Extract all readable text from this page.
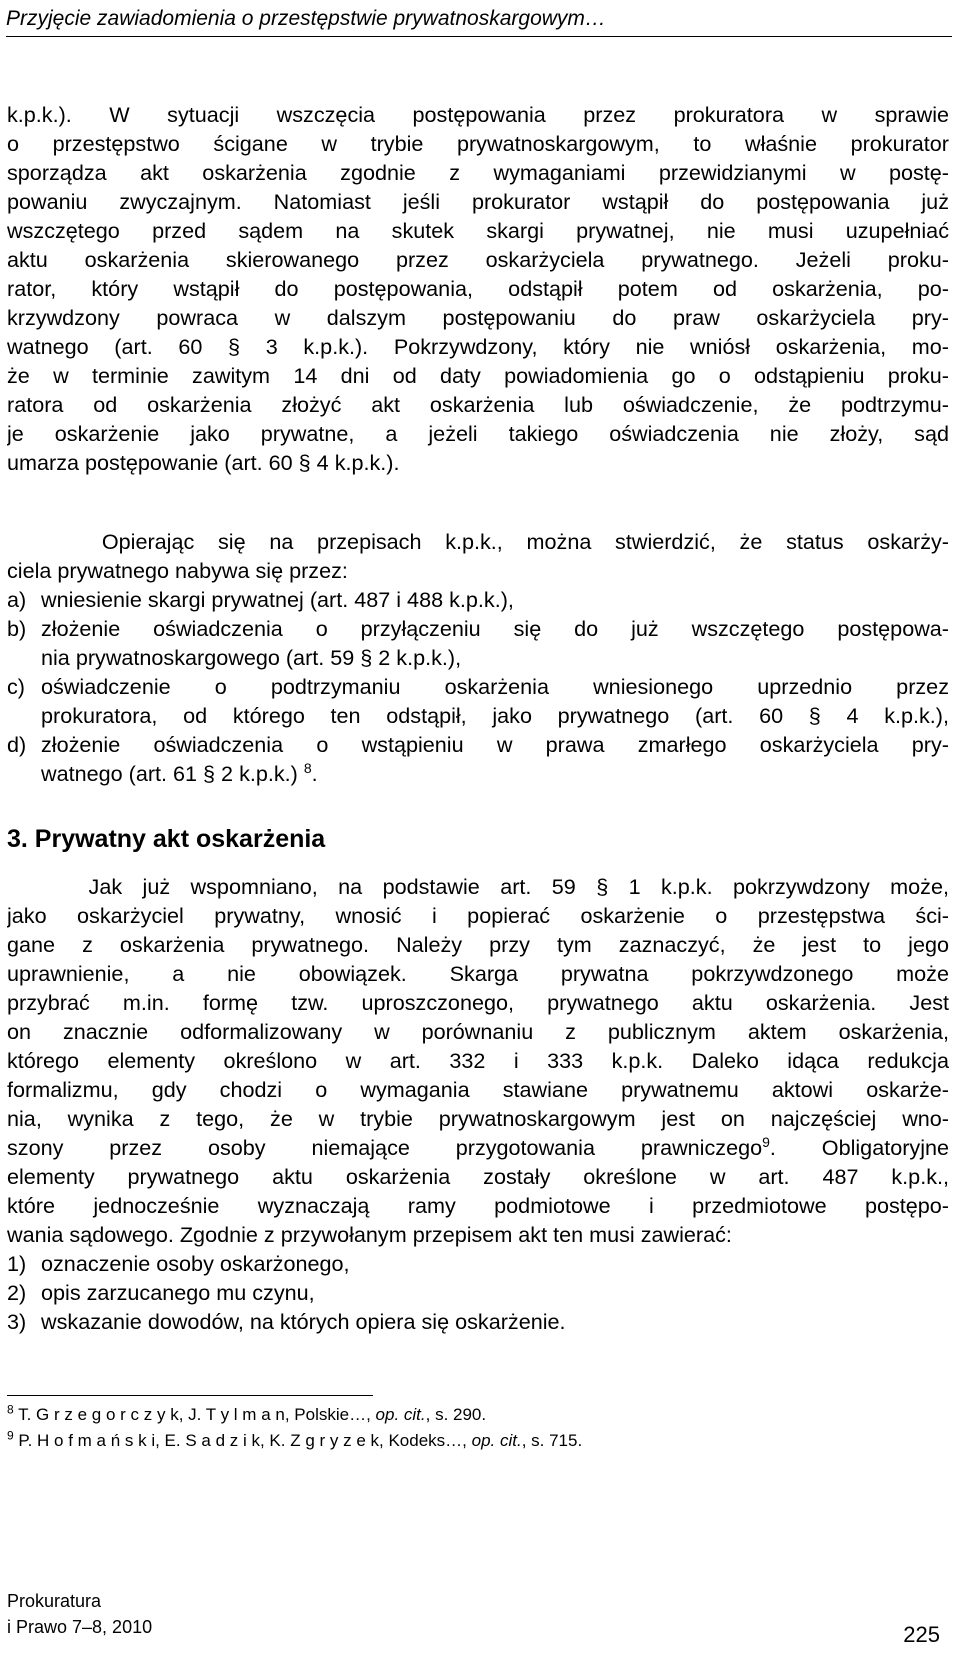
Przyjęcie zawiadomienia o przestępstwie prywatnoskargowym…
k.p.k.). W sytuacji wszczęcia postępowania przez prokuratora w sprawie
o przestępstwo ścigane w trybie prywatnoskargowym, to właśnie prokurator
sporządza akt oskarżenia zgodnie z wymaganiami przewidzianymi w postę-
powaniu zwyczajnym. Natomiast jeśli prokurator wstąpił do postępowania już
wszczętego przed sądem na skutek skargi prywatnej, nie musi uzupełniać
aktu oskarżenia skierowanego przez oskarżyciela prywatnego. Jeżeli proku-
rator, który wstąpił do postępowania, odstąpił potem od oskarżenia, po-
krzywdzony powraca w dalszym postępowaniu do praw oskarżyciela pry-
watnego (art. 60 § 3 k.p.k.). Pokrzywdzony, który nie wniósł oskarżenia, mo-
że w terminie zawitym 14 dni od daty powiadomienia go o odstąpieniu proku-
ratora od oskarżenia złożyć akt oskarżenia lub oświadczenie, że podtrzymu-
je oskarżenie jako prywatne, a jeżeli takiego oświadczenia nie złoży, sąd
umarza postępowanie (art. 60 § 4 k.p.k.).
Opierając się na przepisach k.p.k., można stwierdzić, że status oskarży-
ciela prywatnego nabywa się przez:
a) wniesienie skargi prywatnej (art. 487 i 488 k.p.k.),
b) złożenie oświadczenia o przyłączeniu się do już wszczętego postępowa-
nia prywatnoskargowego (art. 59 § 2 k.p.k.),
c) oświadczenie o podtrzymaniu oskarżenia wniesionego uprzednio przez
prokuratora, od którego ten odstąpił, jako prywatnego (art. 60 § 4 k.p.k.),
d) złożenie oświadczenia o wstąpieniu w prawa zmarłego oskarżyciela pry-
watnego (art. 61 § 2 k.p.k.) $^8$.
3. Prywatny akt oskarżenia
Jak już wspomniano, na podstawie art. 59 § 1 k.p.k. pokrzywdzony może,
jako oskarżyciel prywatny, wnosić i popierać oskarżenie o przestępstwa ści-
gane z oskarżenia prywatnego. Należy przy tym zaznaczyć, że jest to jego
uprawnienie, a nie obowiązek. Skarga prywatna pokrzywdzonego może
przybrać m.in. formę tzw. uproszczonego, prywatnego aktu oskarżenia. Jest
on znacznie odformalizowany w porównaniu z publicznym aktem oskarżenia,
którego elementy określono w art. 332 i 333 k.p.k. Daleko idąca redukcja
formalizmu, gdy chodzi o wymagania stawiane prywatnemu aktowi oskarże-
nia, wynika z tego, że w trybie prywatnoskargowym jest on najczęściej wno-
szony przez osoby niemające przygotowania prawniczego$^9$. Obligatoryjne
elementy prywatnego aktu oskarżenia zostały określone w art. 487 k.p.k.,
które jednocześnie wyznaczają ramy podmiotowe i przedmiotowe postępo-
wania sądowego. Zgodnie z przywołanym przepisem akt ten musi zawierać:
1) oznaczenie osoby oskarżonego,
2) opis zarzucanego mu czynu,
3) wskazanie dowodów, na których opiera się oskarżenie.
$^8$ T. G r z e g o r c z y k, J. T y l m a n, Polskie…, op. cit., s. 290.
$^9$ P. H o f m a ń s k i, E. S a d z i k, K. Z g r y z e k, Kodeks…, op. cit., s. 715.
Prokuratura
i Prawo 7–8, 2010	225
